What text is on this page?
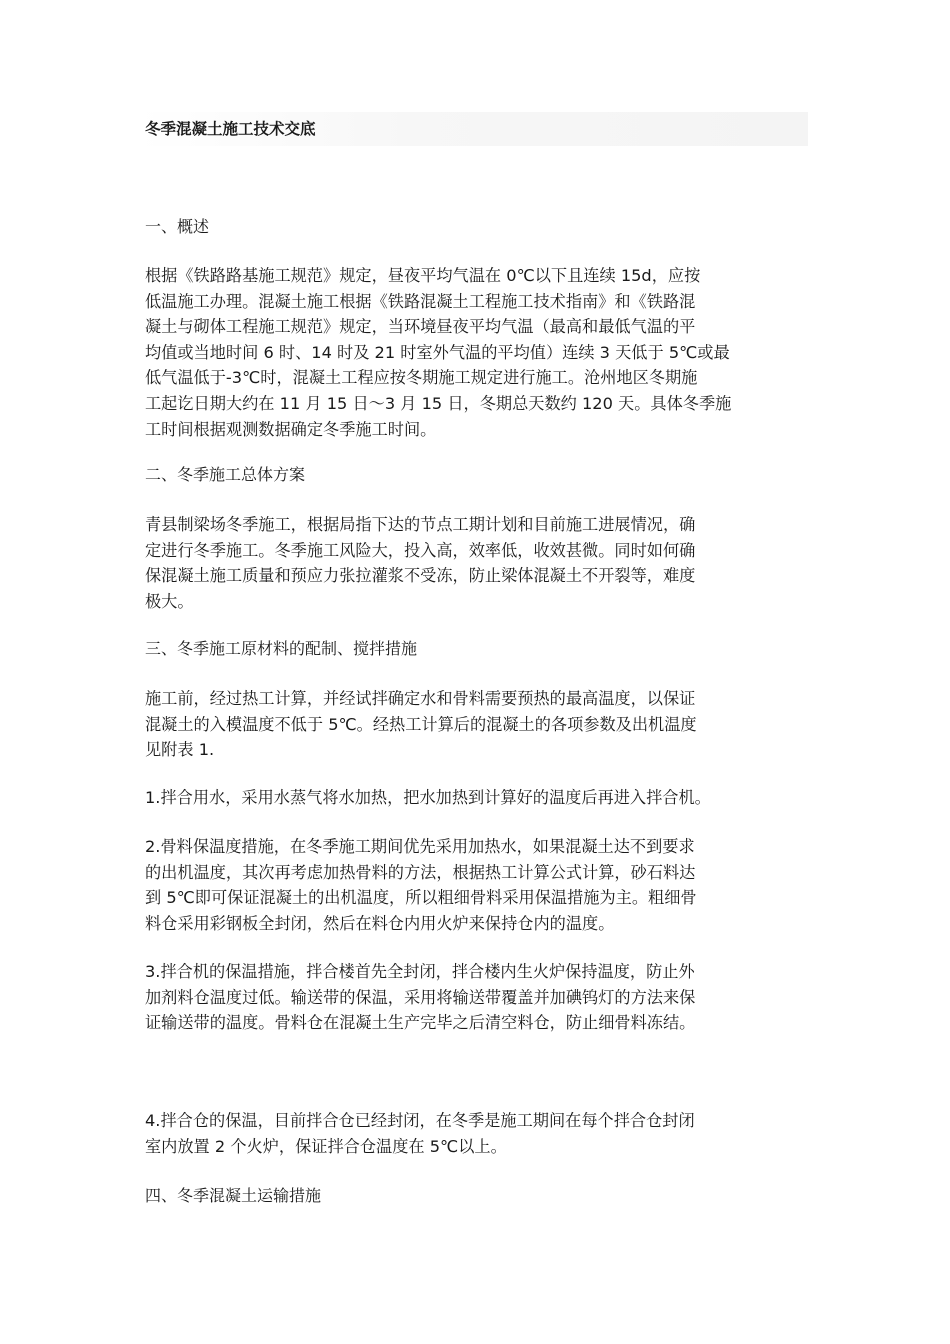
冬季混凝土施工技术交底
一、概述
根据《铁路路基施工规范》规定，昼夜平均气温在 0℃以下且连续 15d，应按
低温施工办理。混凝土施工根据《铁路混凝土工程施工技术指南》和《铁路混
凝土与砌体工程施工规范》规定，当环境昼夜平均气温（最高和最低气温的平
均值或当地时间 6 时、14 时及 21 时室外气温的平均值）连续 3 天低于 5℃或最
低气温低于-3℃时，混凝土工程应按冬期施工规定进行施工。沧州地区冬期施
工起讫日期大约在 11 月 15 日～3 月 15 日，冬期总天数约 120 天。具体冬季施
工时间根据观测数据确定冬季施工时间。
二、冬季施工总体方案
青县制梁场冬季施工，根据局指下达的节点工期计划和目前施工进展情况，确
定进行冬季施工。冬季施工风险大，投入高，效率低，收效甚微。同时如何确
保混凝土施工质量和预应力张拉灌浆不受冻，防止梁体混凝土不开裂等，难度
极大。
三、冬季施工原材料的配制、搅拌措施
施工前，经过热工计算，并经试拌确定水和骨料需要预热的最高温度，以保证
混凝土的入模温度不低于 5℃。经热工计算后的混凝土的各项参数及出机温度
见附表 1.
1.拌合用水，采用水蒸气将水加热，把水加热到计算好的温度后再进入拌合机。
2.骨料保温度措施，在冬季施工期间优先采用加热水，如果混凝土达不到要求
的出机温度，其次再考虑加热骨料的方法，根据热工计算公式计算，砂石料达
到 5℃即可保证混凝土的出机温度，所以粗细骨料采用保温措施为主。粗细骨
料仓采用彩钢板全封闭，然后在料仓内用火炉来保持仓内的温度。
3.拌合机的保温措施，拌合楼首先全封闭，拌合楼内生火炉保持温度，防止外
加剂料仓温度过低。输送带的保温，采用将输送带覆盖并加碘钨灯的方法来保
证输送带的温度。骨料仓在混凝土生产完毕之后清空料仓，防止细骨料冻结。
4.拌合仓的保温，目前拌合仓已经封闭，在冬季是施工期间在每个拌合仓封闭
室内放置 2 个火炉，保证拌合仓温度在 5℃以上。
四、冬季混凝土运输措施
